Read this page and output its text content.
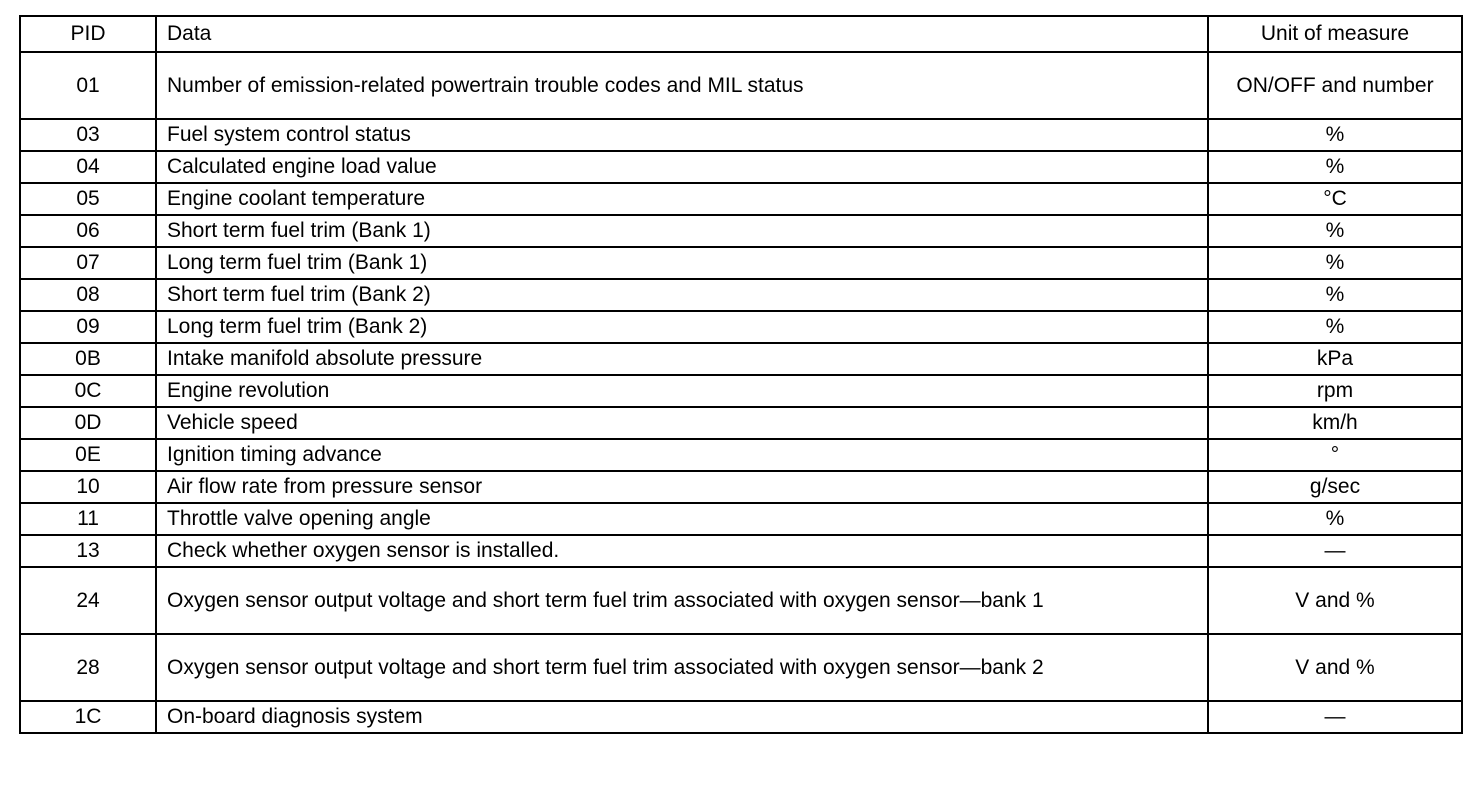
PID	Data	Unit of measure
01	Number of emission-related powertrain trouble codes and MIL status	ON/OFF and number
03	Fuel system control status	%
04	Calculated engine load value	%
05	Engine coolant temperature	°C
06	Short term fuel trim (Bank 1)	%
07	Long term fuel trim (Bank 1)	%
08	Short term fuel trim (Bank 2)	%
09	Long term fuel trim (Bank 2)	%
0B	Intake manifold absolute pressure	kPa
0C	Engine revolution	rpm
0D	Vehicle speed	km/h
0E	Ignition timing advance	°
10	Air flow rate from pressure sensor	g/sec
11	Throttle valve opening angle	%
13	Check whether oxygen sensor is installed.	—
24	Oxygen sensor output voltage and short term fuel trim associated with oxygen sensor—bank 1	V and %
28	Oxygen sensor output voltage and short term fuel trim associated with oxygen sensor—bank 2	V and %
1C	On-board diagnosis system	—
